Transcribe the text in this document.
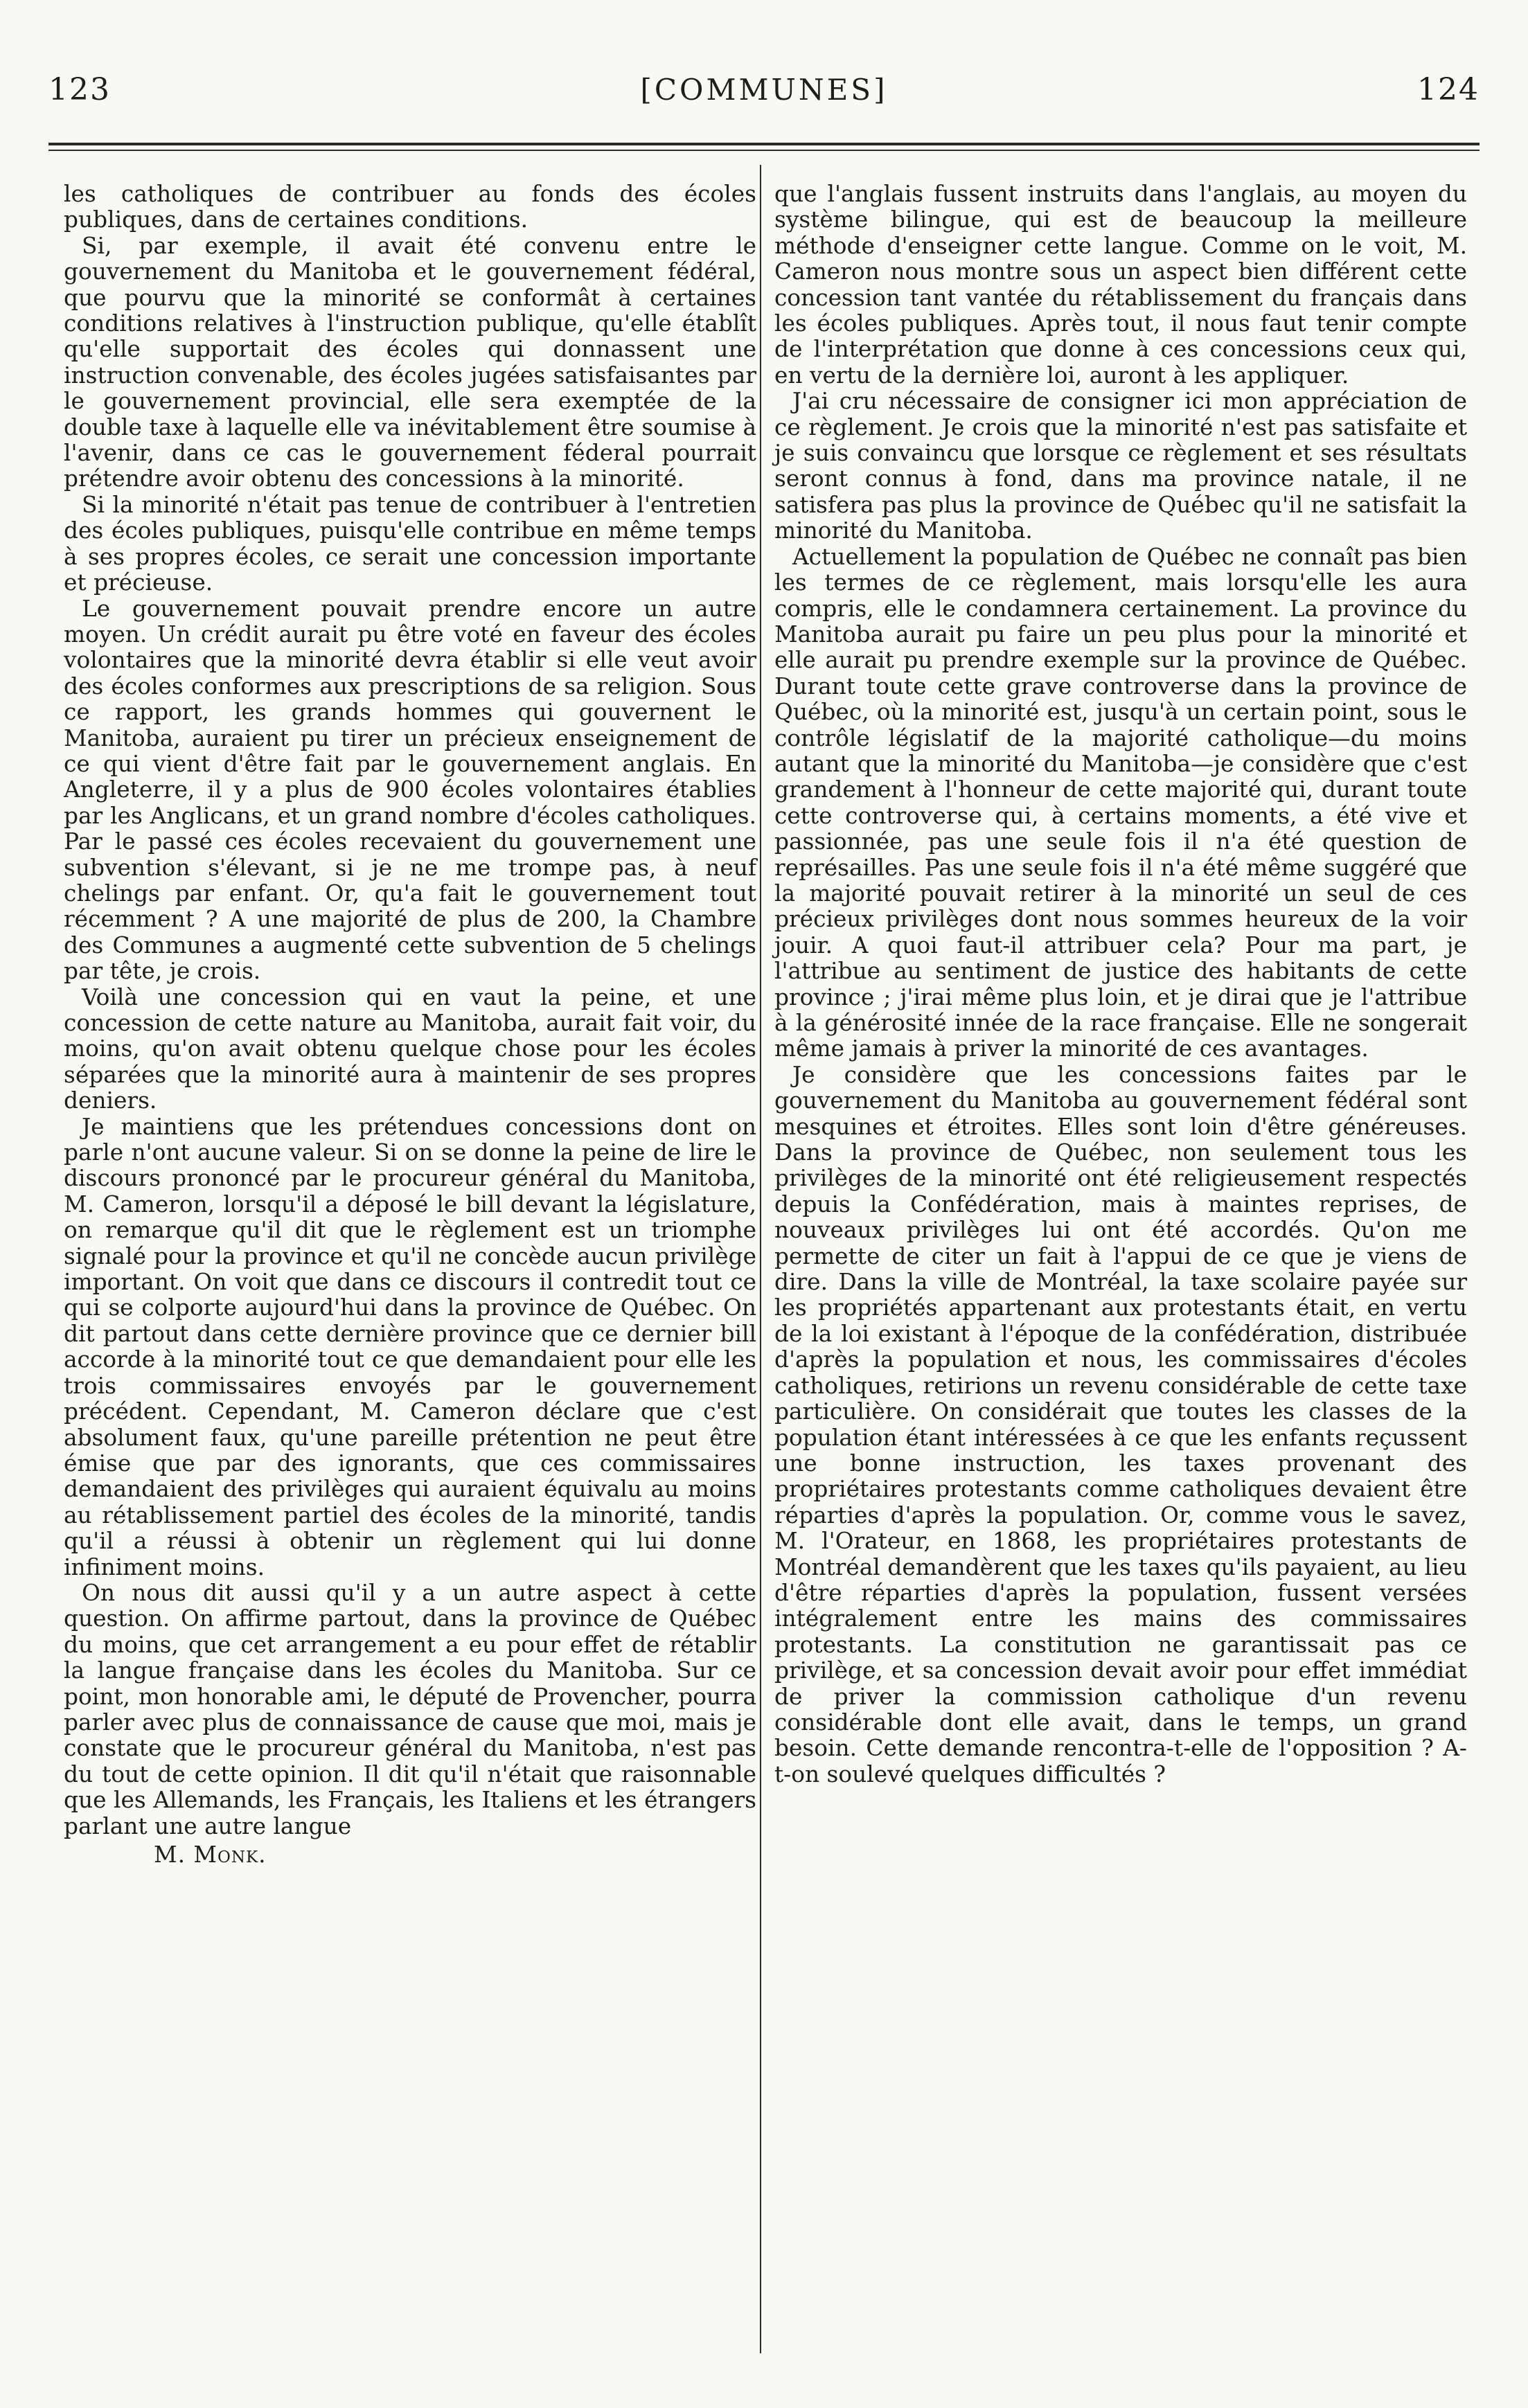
123	[COMMUNES]	124

les catholiques de contribuer au fonds des écoles publiques, dans de certaines conditions.

Si, par exemple, il avait été convenu entre le gouvernement du Manitoba et le gouvernement fédéral, que pourvu que la minorité se conformât à certaines conditions relatives à l'instruction publique, qu'elle établît qu'elle supportait des écoles qui donnassent une instruction convenable, des écoles jugées satisfaisantes par le gouvernement provincial, elle sera exemptée de la double taxe à laquelle elle va inévitablement être soumise à l'avenir, dans ce cas le gouvernement féderal pourrait prétendre avoir obtenu des concessions à la minorité.

Si la minorité n'était pas tenue de contribuer à l'entretien des écoles publiques, puisqu'elle contribue en même temps à ses propres écoles, ce serait une concession importante et précieuse.

Le gouvernement pouvait prendre encore un autre moyen. Un crédit aurait pu être voté en faveur des écoles volontaires que la minorité devra établir si elle veut avoir des écoles conformes aux prescriptions de sa religion. Sous ce rapport, les grands hommes qui gouvernent le Manitoba, auraient pu tirer un précieux enseignement de ce qui vient d'être fait par le gouvernement anglais. En Angleterre, il y a plus de 900 écoles volontaires établies par les Anglicans, et un grand nombre d'écoles catholiques. Par le passé ces écoles recevaient du gouvernement une subvention s'élevant, si je ne me trompe pas, à neuf chelings par enfant. Or, qu'a fait le gouvernement tout récemment ? A une majorité de plus de 200, la Chambre des Communes a augmenté cette subvention de 5 chelings par tête, je crois.

Voilà une concession qui en vaut la peine, et une concession de cette nature au Manitoba, aurait fait voir, du moins, qu'on avait obtenu quelque chose pour les écoles séparées que la minorité aura à maintenir de ses propres deniers.

Je maintiens que les prétendues concessions dont on parle n'ont aucune valeur. Si on se donne la peine de lire le discours prononcé par le procureur général du Manitoba, M. Cameron, lorsqu'il a déposé le bill devant la législature, on remarque qu'il dit que le règlement est un triomphe signalé pour la province et qu'il ne concède aucun privilège important. On voit que dans ce discours il contredit tout ce qui se colporte aujourd'hui dans la province de Québec. On dit partout dans cette dernière province que ce dernier bill accorde à la minorité tout ce que demandaient pour elle les trois commissaires envoyés par le gouvernement précédent. Cependant, M. Cameron déclare que c'est absolument faux, qu'une pareille prétention ne peut être émise que par des ignorants, que ces commissaires demandaient des privilèges qui auraient équivalu au moins au rétablissement partiel des écoles de la minorité, tandis qu'il a réussi à obtenir un règlement qui lui donne infiniment moins.

On nous dit aussi qu'il y a un autre aspect à cette question. On affirme partout, dans la province de Québec du moins, que cet arrangement a eu pour effet de rétablir la langue française dans les écoles du Manitoba. Sur ce point, mon honorable ami, le député de Provencher, pourra parler avec plus de connaissance de cause que moi, mais je constate que le procureur général du Manitoba, n'est pas du tout de cette opinion. Il dit qu'il n'était que raisonnable que les Allemands, les Français, les Italiens et les étrangers parlant une autre langue

M. Monk.

que l'anglais fussent instruits dans l'anglais, au moyen du système bilingue, qui est de beaucoup la meilleure méthode d'enseigner cette langue. Comme on le voit, M. Cameron nous montre sous un aspect bien différent cette concession tant vantée du rétablissement du français dans les écoles publiques. Après tout, il nous faut tenir compte de l'interprétation que donne à ces concessions ceux qui, en vertu de la dernière loi, auront à les appliquer.

J'ai cru nécessaire de consigner ici mon appréciation de ce règlement. Je crois que la minorité n'est pas satisfaite et je suis convaincu que lorsque ce règlement et ses résultats seront connus à fond, dans ma province natale, il ne satisfera pas plus la province de Québec qu'il ne satisfait la minorité du Manitoba.

Actuellement la population de Québec ne connaît pas bien les termes de ce règlement, mais lorsqu'elle les aura compris, elle le condamnera certainement. La province du Manitoba aurait pu faire un peu plus pour la minorité et elle aurait pu prendre exemple sur la province de Québec. Durant toute cette grave controverse dans la province de Québec, où la minorité est, jusqu'à un certain point, sous le contrôle législatif de la majorité catholique—du moins autant que la minorité du Manitoba—je considère que c'est grandement à l'honneur de cette majorité qui, durant toute cette controverse qui, à certains moments, a été vive et passionnée, pas une seule fois il n'a été question de représailles. Pas une seule fois il n'a été même suggéré que la majorité pouvait retirer à la minorité un seul de ces précieux privilèges dont nous sommes heureux de la voir jouir. A quoi faut-il attribuer cela? Pour ma part, je l'attribue au sentiment de justice des habitants de cette province ; j'irai même plus loin, et je dirai que je l'attribue à la générosité innée de la race française. Elle ne songerait même jamais à priver la minorité de ces avantages.

Je considère que les concessions faites par le gouvernement du Manitoba au gouvernement fédéral sont mesquines et étroites. Elles sont loin d'être généreuses. Dans la province de Québec, non seulement tous les privilèges de la minorité ont été religieusement respectés depuis la Confédération, mais à maintes reprises, de nouveaux privilèges lui ont été accordés. Qu'on me permette de citer un fait à l'appui de ce que je viens de dire. Dans la ville de Montréal, la taxe scolaire payée sur les propriétés appartenant aux protestants était, en vertu de la loi existant à l'époque de la confédération, distribuée d'après la population et nous, les commissaires d'écoles catholiques, retirions un revenu considérable de cette taxe particulière. On considérait que toutes les classes de la population étant intéressées à ce que les enfants reçussent une bonne instruction, les taxes provenant des propriétaires protestants comme catholiques devaient être réparties d'après la population. Or, comme vous le savez, M. l'Orateur, en 1868, les propriétaires protestants de Montréal demandèrent que les taxes qu'ils payaient, au lieu d'être réparties d'après la population, fussent versées intégralement entre les mains des commissaires protestants. La constitution ne garantissait pas ce privilège, et sa concession devait avoir pour effet immédiat de priver la commission catholique d'un revenu considérable dont elle avait, dans le temps, un grand besoin. Cette demande rencontra-t-elle de l'opposition ? A-t-on soulevé quelques difficultés ?
